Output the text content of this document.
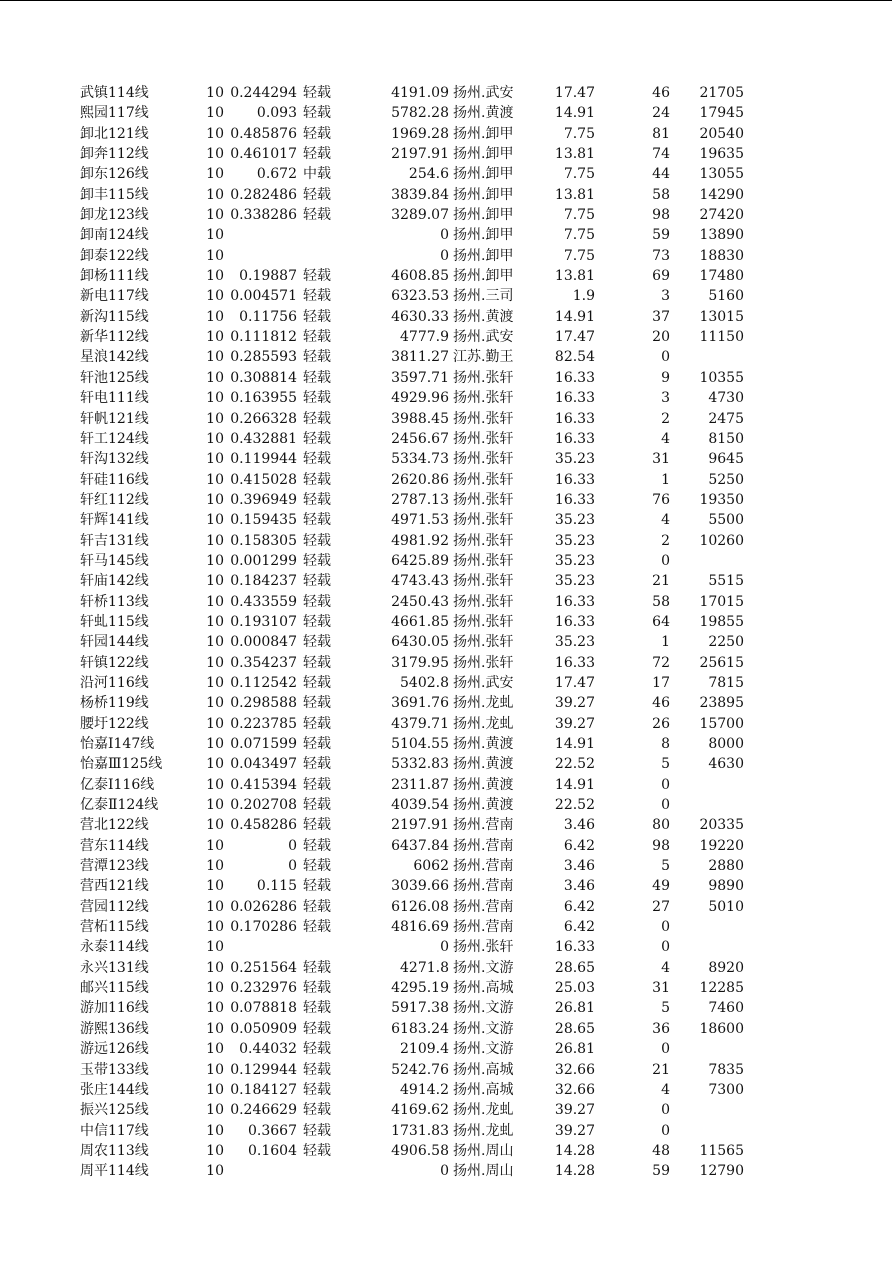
武镇114线	10 0.244294 轻载	4191.09 扬州.武安	17.47	46	21705
熙园117线	10	0.093 轻载	5782.28 扬州.黄渡	14.91	24	17945
卸北121线	10 0.485876 轻载	1969.28 扬州.卸甲	7.75	81	20540
卸奔112线	10 0.461017 轻载	2197.91 扬州.卸甲	13.81	74	19635
卸东126线	10	0.672 中载	254.6 扬州.卸甲	7.75	44	13055
卸丰115线	10 0.282486 轻载	3839.84 扬州.卸甲	13.81	58	14290
卸龙123线	10 0.338286 轻载	3289.07 扬州.卸甲	7.75	98	27420
卸南124线	10	0 扬州.卸甲	7.75	59	13890
卸泰122线	10	0 扬州.卸甲	7.75	73	18830
卸杨111线	10	0.19887 轻载	4608.85 扬州.卸甲	13.81	69	17480
新电117线	10 0.004571 轻载	6323.53 扬州.三司	1.9	3	5160
新沟115线	10	0.11756 轻载	4630.33 扬州.黄渡	14.91	37	13015
新华112线	10 0.111812 轻载	4777.9 扬州.武安	17.47	20	11150
星浪142线	10 0.285593 轻载	3811.27 江苏.勤王	82.54	0
轩池125线	10 0.308814 轻载	3597.71 扬州.张轩	16.33	9	10355
轩电111线	10 0.163955 轻载	4929.96 扬州.张轩	16.33	3	4730
轩帆121线	10 0.266328 轻载	3988.45 扬州.张轩	16.33	2	2475
轩工124线	10 0.432881 轻载	2456.67 扬州.张轩	16.33	4	8150
轩沟132线	10 0.119944 轻载	5334.73 扬州.张轩	35.23	31	9645
轩硅116线	10 0.415028 轻载	2620.86 扬州.张轩	16.33	1	5250
轩红112线	10 0.396949 轻载	2787.13 扬州.张轩	16.33	76	19350
轩辉141线	10 0.159435 轻载	4971.53 扬州.张轩	35.23	4	5500
轩吉131线	10 0.158305 轻载	4981.92 扬州.张轩	35.23	2	10260
轩马145线	10 0.001299 轻载	6425.89 扬州.张轩	35.23	0
轩庙142线	10 0.184237 轻载	4743.43 扬州.张轩	35.23	21	5515
轩桥113线	10 0.433559 轻载	2450.43 扬州.张轩	16.33	58	17015
轩虬115线	10 0.193107 轻载	4661.85 扬州.张轩	16.33	64	19855
轩园144线	10 0.000847 轻载	6430.05 扬州.张轩	35.23	1	2250
轩镇122线	10 0.354237 轻载	3179.95 扬州.张轩	16.33	72	25615
沿河116线	10 0.112542 轻载	5402.8 扬州.武安	17.47	17	7815
杨桥119线	10 0.298588 轻载	3691.76 扬州.龙虬	39.27	46	23895
腰圩122线	10 0.223785 轻载	4379.71 扬州.龙虬	39.27	26	15700
怡嘉Ⅰ147线	10 0.071599 轻载	5104.55 扬州.黄渡	14.91	8	8000
怡嘉Ⅲ125线	10 0.043497 轻载	5332.83 扬州.黄渡	22.52	5	4630
亿泰Ⅰ116线	10 0.415394 轻载	2311.87 扬州.黄渡	14.91	0
亿泰Ⅱ124线	10 0.202708 轻载	4039.54 扬州.黄渡	22.52	0
营北122线	10 0.458286 轻载	2197.91 扬州.营南	3.46	80	20335
营东114线	10	0 轻载	6437.84 扬州.营南	6.42	98	19220
营潭123线	10	0 轻载	6062 扬州.营南	3.46	5	2880
营西121线	10	0.115 轻载	3039.66 扬州.营南	3.46	49	9890
营园112线	10 0.026286 轻载	6126.08 扬州.营南	6.42	27	5010
营柘115线	10 0.170286 轻载	4816.69 扬州.营南	6.42	0
永泰114线	10	0 扬州.张轩	16.33	0
永兴131线	10 0.251564 轻载	4271.8 扬州.文游	28.65	4	8920
邮兴115线	10 0.232976 轻载	4295.19 扬州.高城	25.03	31	12285
游加116线	10 0.078818 轻载	5917.38 扬州.文游	26.81	5	7460
游熙136线	10 0.050909 轻载	6183.24 扬州.文游	28.65	36	18600
游远126线	10	0.44032 轻载	2109.4 扬州.文游	26.81	0
玉带133线	10 0.129944 轻载	5242.76 扬州.高城	32.66	21	7835
张庄144线	10 0.184127 轻载	4914.2 扬州.高城	32.66	4	7300
振兴125线	10 0.246629 轻载	4169.62 扬州.龙虬	39.27	0
中信117线	10	0.3667 轻载	1731.83 扬州.龙虬	39.27	0
周农113线	10	0.1604 轻载	4906.58 扬州.周山	14.28	48	11565
周平114线	10	0 扬州.周山	14.28	59	12790
